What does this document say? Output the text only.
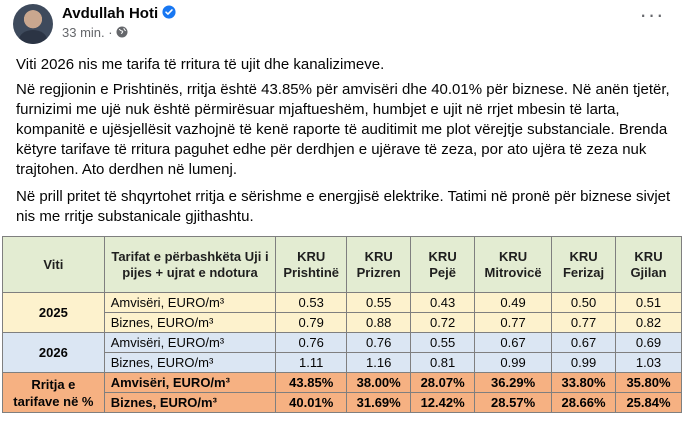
Avdullah Hoti
33 min. ·
···
Viti 2026 nis me tarifa të rritura të ujit dhe kanalizimeve.
Në regjionin e Prishtinës, rritja është 43.85% për amvisëri dhe 40.01% për biznese. Në anën tjetër, furnizimi me ujë nuk është përmirësuar mjaftueshëm, humbjet e ujit në rrjet mbesin të larta, kompanitë e ujësjellësit vazhojnë të kenë raporte të auditimit me plot vërejtje substanciale. Brenda këtyre tarifave të rritura paguhet edhe për derdhjen e ujërave të zeza, por ato ujëra të zeza nuk trajtohen. Ato derdhen në lumenj.
Në prill pritet të shqyrtohet rritja e sërishme e energjisë elektrike. Tatimi në pronë për biznese sivjet nis me rritje substanicale gjithashtu.
Viti	Tarifat e përbashkëta Uji i pijes + ujrat e ndotura	KRU Prishtinë	KRU Prizren	KRU Pejë	KRU Mitrovicë	KRU Ferizaj	KRU Gjilan
2025	Amvisëri, EURO/m³	0.53	0.55	0.43	0.49	0.50	0.51
	Biznes, EURO/m³	0.79	0.88	0.72	0.77	0.77	0.82
2026	Amvisëri, EURO/m³	0.76	0.76	0.55	0.67	0.67	0.69
	Biznes, EURO/m³	1.11	1.16	0.81	0.99	0.99	1.03
Rritja e tarifave në %	Amvisëri, EURO/m³	43.85%	38.00%	28.07%	36.29%	33.80%	35.80%
	Biznes, EURO/m³	40.01%	31.69%	12.42%	28.57%	28.66%	25.84%
